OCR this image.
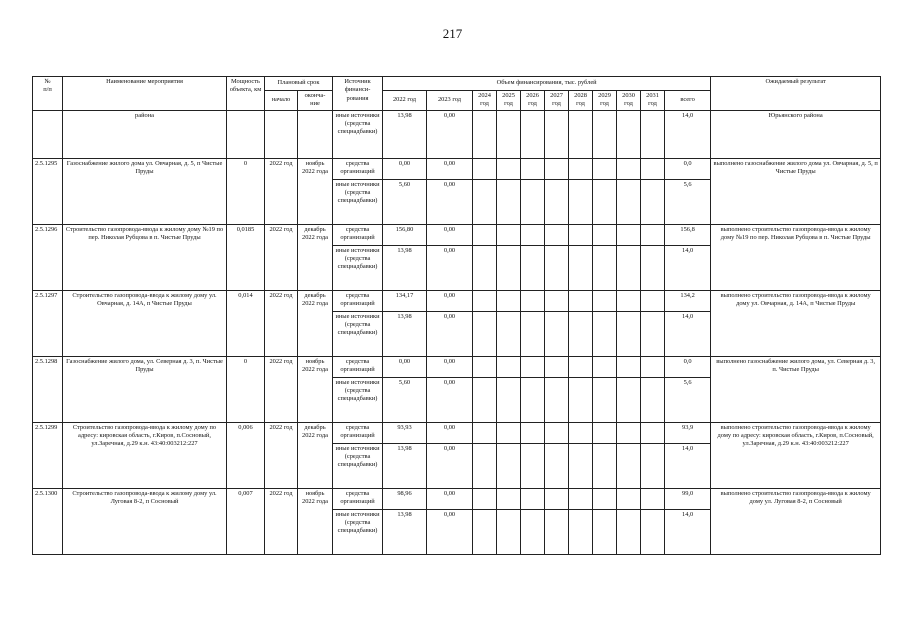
217
№
п/п	Наименование мероприятия	Мощность объекта, км	Плановый срок		Источник финанси-рования	Объем финансирования, тыс. рублей											Ожидаемый результат
			начало	оконча-ние		2022 год	2023 год	2024 год	2025 год	2026 год	2027 год	2028 год	2029 год	2030 год	2031 год	всего	
	района				иные источники (средства спецнадбавки)	13,98	0,00									14,0	Юрьянского района
2.5.1295	Газоснабжение жилого дома ул. Овчарная, д. 5, п Чистые Пруды	0	2022 год	ноябрь 2022 года	средства организаций	0,00	0,00									0,0	выполнено газоснабжение жилого дома ул. Овчарная, д. 5, п Чистые Пруды
					иные источники (средства спецнадбавки)	5,60	0,00									5,6	
2.5.1296	Строительство газопровода-ввода к жилому дому №19 по пер. Николая Рубцова в п. Чистые Пруды	0,0185	2022 год	декабрь 2022 года	средства организаций	156,80	0,00									156,8	выполнено строительство газопровода-ввода к жилому дому №19 по пер. Николая Рубцова в п. Чистые Пруды
					иные источники (средства спецнадбавки)	13,98	0,00									14,0	
2.5.1297	Строительство газопровода-ввода к жилому дому ул. Овчарная, д. 14А, п Чистые Пруды	0,014	2022 год	декабрь 2022 года	средства организаций	134,17	0,00									134,2	выполнено строительство газопровода-ввода к жилому дому ул. Овчарная, д. 14А, п Чистые Пруды
					иные источники (средства спецнадбавки)	13,98	0,00									14,0	
2.5.1298	Газоснабжение жилого дома, ул. Северная д. 3, п. Чистые Пруды	0	2022 год	ноябрь 2022 года	средства организаций	0,00	0,00									0,0	выполнено газоснабжение жилого дома, ул. Северная д. 3, п. Чистые Пруды
					иные источники (средства спецнадбавки)	5,60	0,00									5,6	
2.5.1299	Строительство газопровода-ввода к жилому дому по адресу: кировская область, г.Киров, п.Сосновый, ул.Заречная, д.29 к.н. 43:40:003212:227	0,006	2022 год	декабрь 2022 года	средства организаций	93,93	0,00									93,9	выполнено строительство газопровода-ввода к жилому дому по адресу: кировская область, г.Киров, п.Сосновый, ул.Заречная, д.29 к.н. 43:40:003212:227
					иные источники (средства спецнадбавки)	13,98	0,00									14,0	
2.5.1300	Строительство газопровода-ввода к жилому дому ул. Луговая 8-2, п Сосновый	0,007	2022 год	ноябрь 2022 года	средства организаций	98,96	0,00									99,0	выполнено строительство газопровода-ввода к жилому дому ул. Луговая 8-2, п Сосновый
					иные источники (средства спецнадбавки)	13,98	0,00									14,0	
